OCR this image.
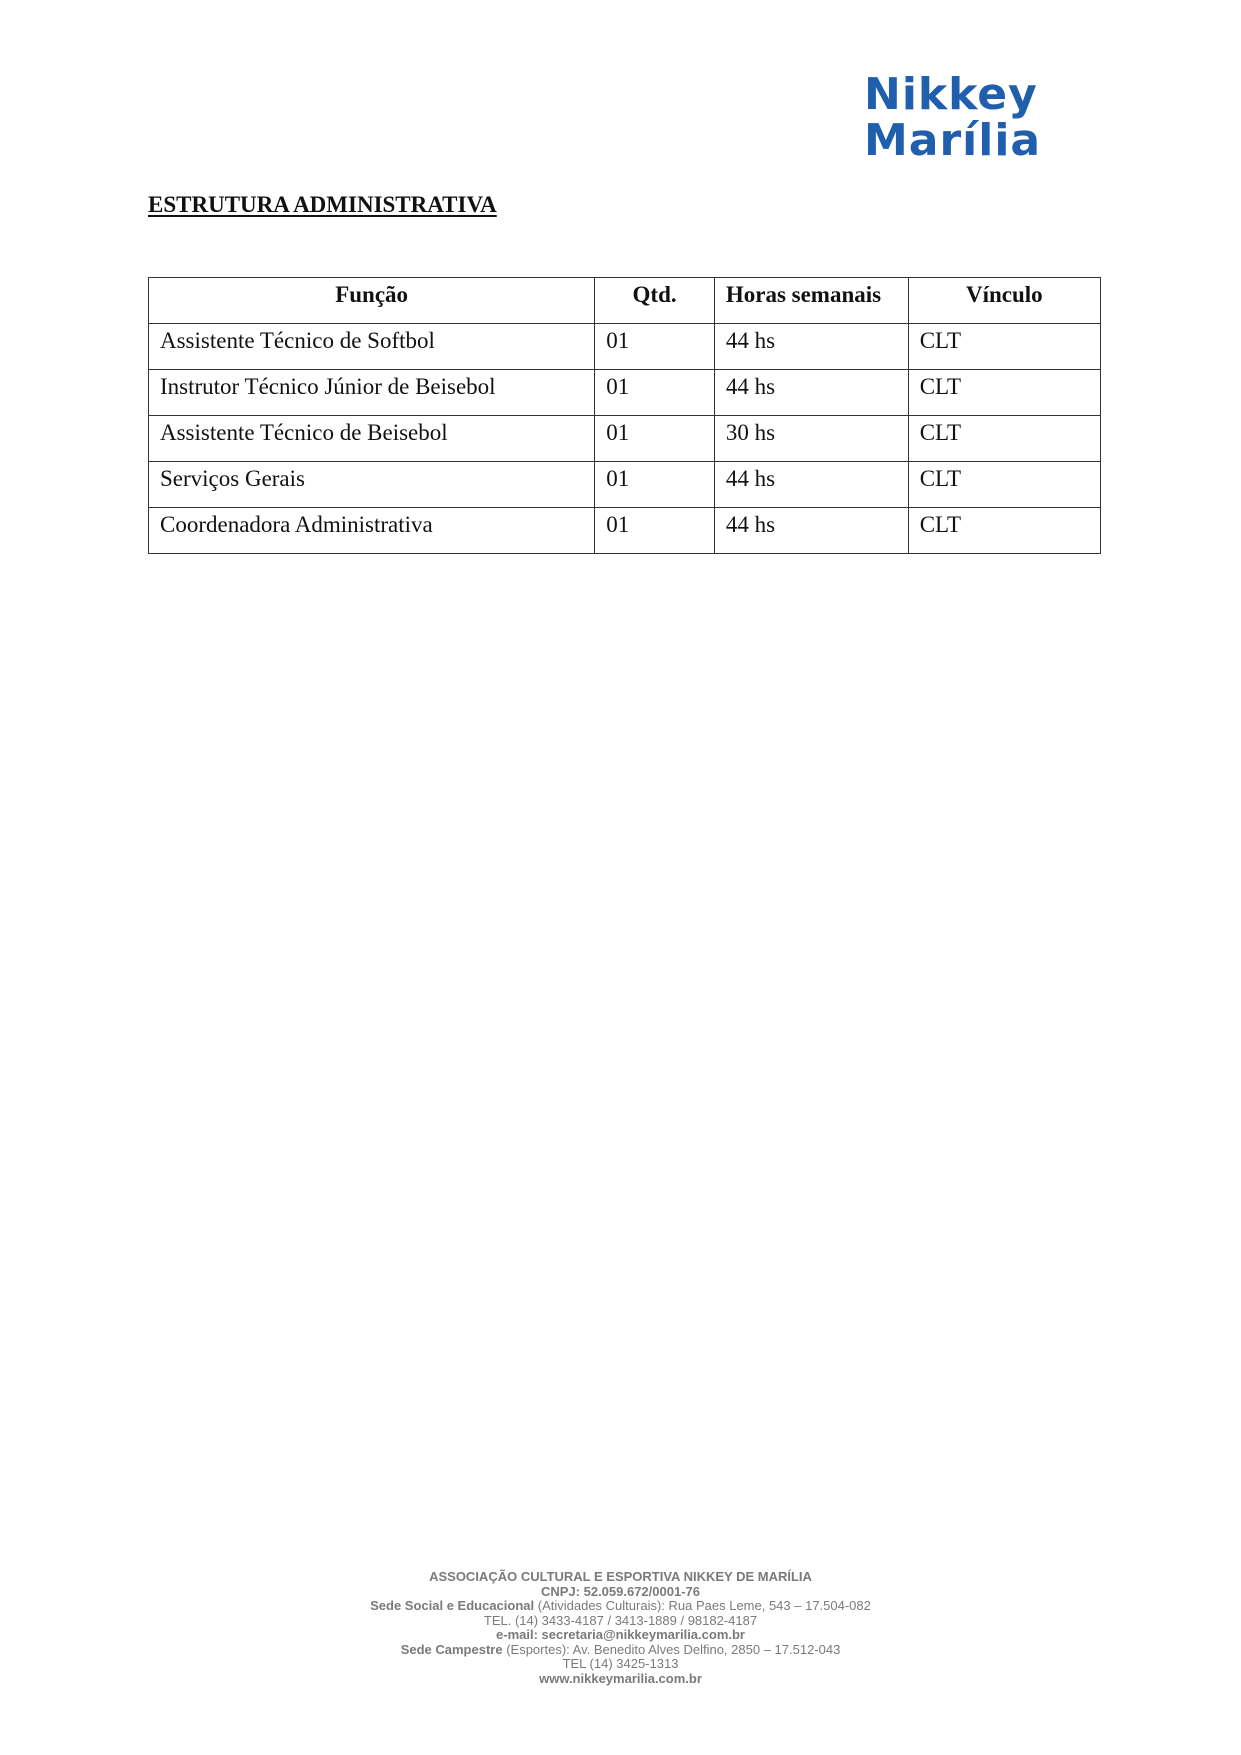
Nikkey
Marília
ESTRUTURA ADMINISTRATIVA
Função	Qtd.	Horas semanais	Vínculo
Assistente Técnico de Softbol	01	44 hs	CLT
Instrutor Técnico Júnior de Beisebol	01	44 hs	CLT
Assistente Técnico de Beisebol	01	30 hs	CLT
Serviços Gerais	01	44 hs	CLT
Coordenadora Administrativa	01	44 hs	CLT
ASSOCIAÇÃO CULTURAL E ESPORTIVA NIKKEY DE MARÍLIA
CNPJ: 52.059.672/0001-76
Sede Social e Educacional (Atividades Culturais): Rua Paes Leme, 543 – 17.504-082
TEL. (14) 3433-4187 / 3413-1889 / 98182-4187
e-mail: secretaria@nikkeymarilia.com.br
Sede Campestre (Esportes): Av. Benedito Alves Delfino, 2850 – 17.512-043
TEL (14) 3425-1313
www.nikkeymarilia.com.br
